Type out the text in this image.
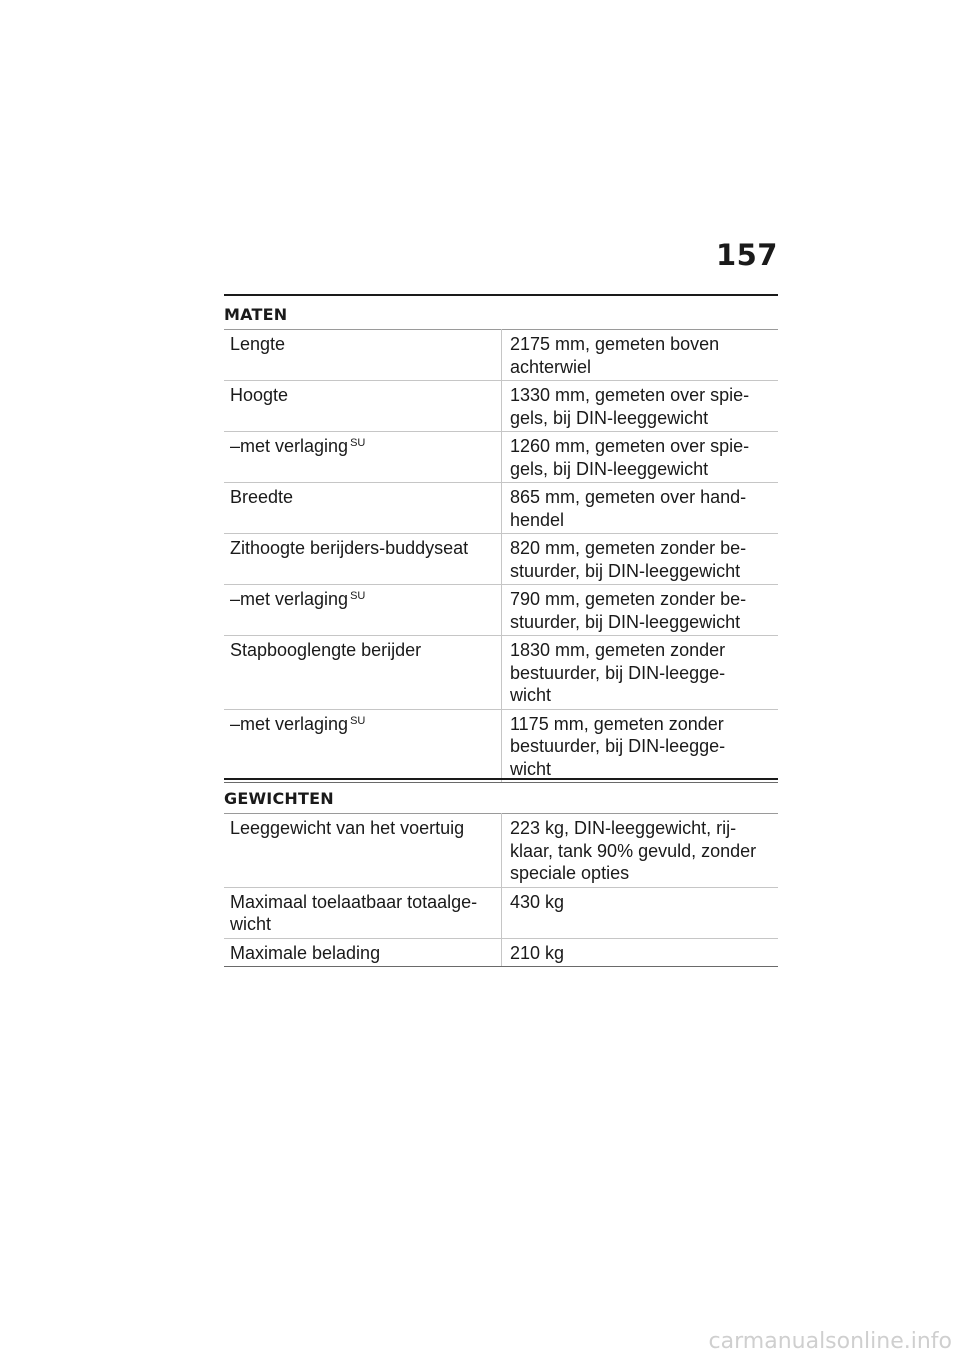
157
MATEN
Lengte	2175 mm, gemeten boven
achterwiel
Hoogte	1330 mm, gemeten over spie-
gels, bij DIN-leeggewicht
–met verlaging $^{SU}$	1260 mm, gemeten over spie-
gels, bij DIN-leeggewicht
Breedte	865 mm, gemeten over hand-
hendel
Zithoogte berijders-buddyseat	820 mm, gemeten zonder be-
stuurder, bij DIN-leeggewicht
–met verlaging $^{SU}$	790 mm, gemeten zonder be-
stuurder, bij DIN-leeggewicht
Stapbooglengte berijder	1830 mm, gemeten zonder
bestuurder, bij DIN-leegge-
wicht
–met verlaging $^{SU}$	1175 mm, gemeten zonder
bestuurder, bij DIN-leegge-
wicht
GEWICHTEN
Leeggewicht van het voertuig	223 kg, DIN-leeggewicht, rij-
klaar, tank 90% gevuld, zonder
speciale opties
Maximaal toelaatbaar totaalge-
wicht	430 kg
Maximale belading	210 kg
carmanualsonline.info
